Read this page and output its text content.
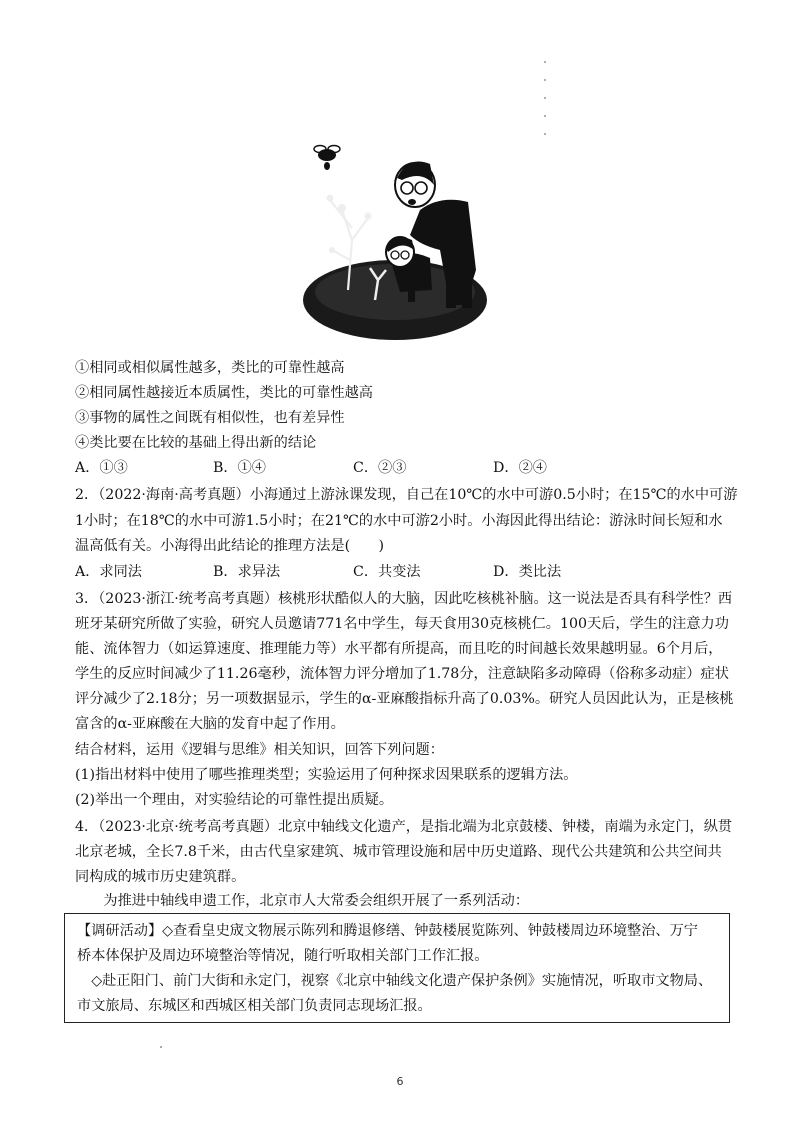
①相同或相似属性越多，类比的可靠性越高
②相同属性越接近本质属性，类比的可靠性越高
③事物的属性之间既有相似性，也有差异性
④类比要在比较的基础上得出新的结论
A．①③	B．①④	C．②③	D．②④
2．（2022·海南·高考真题）小海通过上游泳课发现，自己在10℃的水中可游0.5小时；在15℃的水中可游
1小时；在18℃的水中可游1.5小时；在21℃的水中可游2小时。小海因此得出结论：游泳时间长短和水
温高低有关。小海得出此结论的推理方法是(　　)
A．求同法	B．求异法	C．共变法	D．类比法
3．（2023·浙江·统考高考真题）核桃形状酷似人的大脑，因此吃核桃补脑。这一说法是否具有科学性？西
班牙某研究所做了实验，研究人员邀请771名中学生，每天食用30克核桃仁。100天后，学生的注意力功
能、流体智力（如运算速度、推理能力等）水平都有所提高，而且吃的时间越长效果越明显。6个月后，
学生的反应时间减少了11.26毫秒，流体智力评分增加了1.78分，注意缺陷多动障碍（俗称多动症）症状
评分减少了2.18分；另一项数据显示，学生的α-亚麻酸指标升高了0.03%。研究人员因此认为，正是核桃
富含的α-亚麻酸在大脑的发育中起了作用。
结合材料，运用《逻辑与思维》相关知识，回答下列问题：
(1)指出材料中使用了哪些推理类型；实验运用了何种探求因果联系的逻辑方法。
(2)举出一个理由，对实验结论的可靠性提出质疑。
4．（2023·北京·统考高考真题）北京中轴线文化遗产，是指北端为北京鼓楼、钟楼，南端为永定门，纵贯
北京老城，全长7.8千米，由古代皇家建筑、城市管理设施和居中历史道路、现代公共建筑和公共空间共
同构成的城市历史建筑群。
　　为推进中轴线申遗工作，北京市人大常委会组织开展了一系列活动：
【调研活动】◇查看皇史宬文物展示陈列和腾退修缮、钟鼓楼展览陈列、钟鼓楼周边环境整治、万宁
桥本体保护及周边环境整治等情况，随行听取相关部门工作汇报。
　◇赴正阳门、前门大街和永定门，视察《北京中轴线文化遗产保护条例》实施情况，听取市文物局、
市文旅局、东城区和西城区相关部门负责同志现场汇报。
6
